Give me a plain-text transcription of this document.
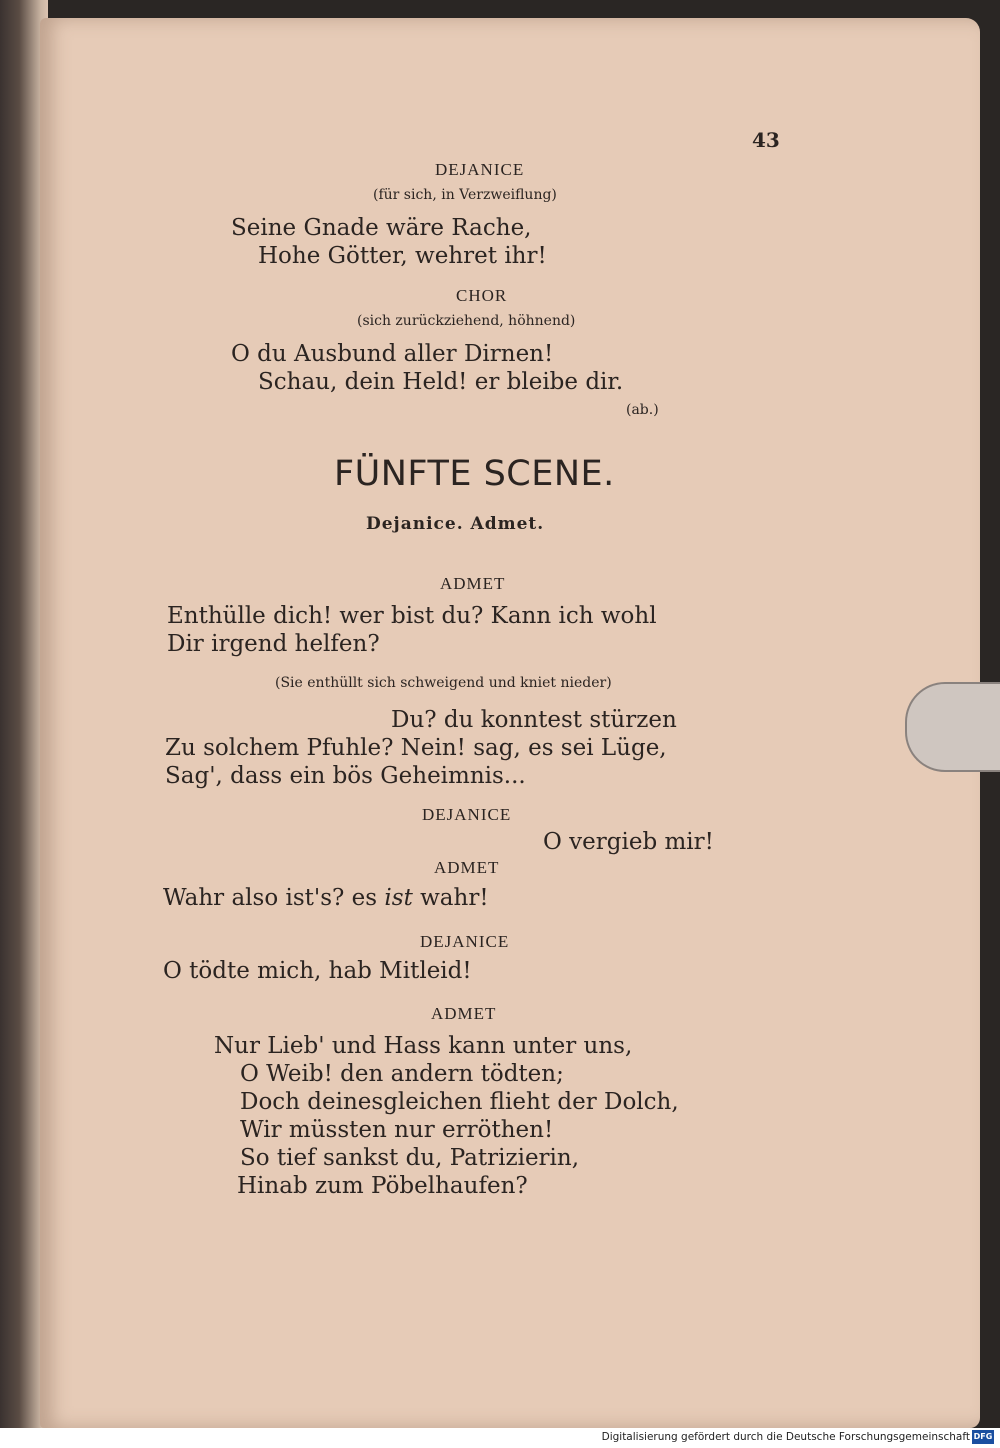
43
DEJANICE
(für sich, in Verzweiflung)
Seine Gnade wäre Rache,
Hohe Götter, wehret ihr!
CHOR
(sich zurückziehend, höhnend)
O du Ausbund aller Dirnen!
Schau, dein Held! er bleibe dir.
(ab.)
FÜNFTE SCENE.
Dejanice. Admet.
ADMET
Enthülle dich! wer bist du? Kann ich wohl
Dir irgend helfen?
(Sie enthüllt sich schweigend und kniet nieder)
Du? du konntest stürzen
Zu solchem Pfuhle? Nein! sag, es sei Lüge,
Sag', dass ein bös Geheimnis...
DEJANICE
O vergieb mir!
ADMET
Wahr also ist's? es ist wahr!
DEJANICE
O tödte mich, hab Mitleid!
ADMET
Nur Lieb' und Hass kann unter uns,
O Weib! den andern tödten;
Doch deinesgleichen flieht der Dolch,
Wir müssten nur erröthen!
So tief sankst du, Patrizierin,
Hinab zum Pöbelhaufen?
Digitalisierung gefördert durch die Deutsche Forschungsgemeinschaft DFG
